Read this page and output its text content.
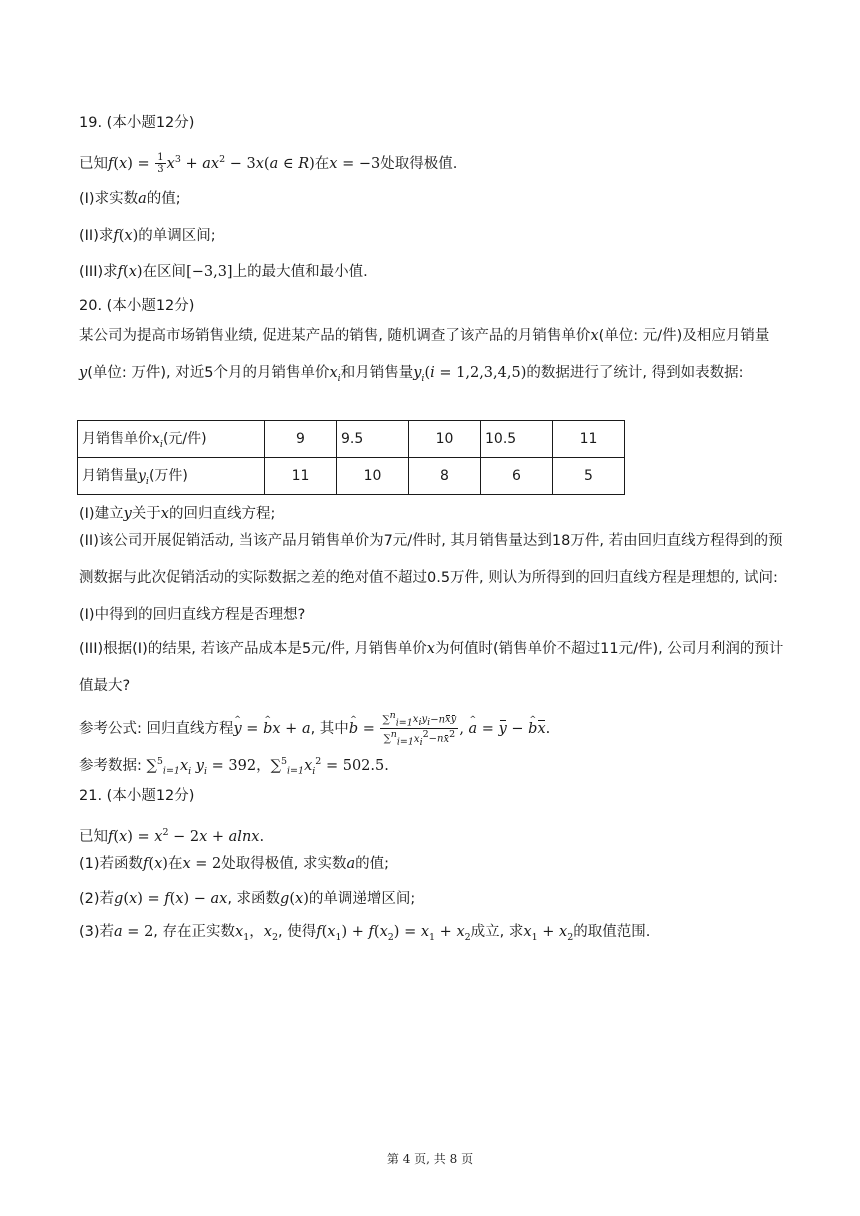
19. (本小题12分)
已知$f(x) = \frac{1}{3} x^3 + ax^2 - 3x(a$ ∈ R)在x = −3处取得极值.
(I)求实数a的值;
(II)求f(x)的单调区间;
(III)求f(x)在区间[−3,3]上的最大值和最小值.
20. (本小题12分)
某公司为提高市场销售业绩, 促进某产品的销售, 随机调查了该产品的月销售单价x(单位: 元/件)及相应月销量y(单位: 万件), 对近5个月的月销售单价$x_i$和月销售量$y_i(i = 1,2,3,4,5)$的数据进行了统计, 得到如表数据:
月销售单价$x_i$(元/件)	9	9.5	10	10.5	11
月销售量$y_i$(万件)	11	10	8	6	5
(I)建立y关于x的回归直线方程;
(II)该公司开展促销活动, 当该产品月销售单价为7元/件时, 其月销售量达到18万件, 若由回归直线方程得到的预测数据与此次促销活动的实际数据之差的绝对值不超过0.5万件, 则认为所得到的回归直线方程是理想的, 试问: (I)中得到的回归直线方程是否理想?
(III)根据(I)的结果, 若该产品成本是5元/件, 月销售单价x为何值时(销售单价不超过11元/件), 公司月利润的预计值最大?
参考公式: 回归直线方程^ y = ^ bx + a, 其中^ $b = \frac{\sum^n_{i=1}x_iy_i-nxy}{\sum^n_{i=1}x_i^2-nx^2}$ , ^ a = y − ^ bx.
参考数据: $\sum^5_{i=1}x_i$ $y_i = 392$，$\sum^5_{i=1}x_i^2 = 502.5$.
21. (本小题12分)
已知$f(x) = x^2 - 2x + alnx$.
(1)若函数f(x)在x = 2处取得极值, 求实数a的值;
(2)若g(x) = f(x) − ax, 求函数g(x)的单调递增区间;
(3)若a = 2, 存在正实数$x_1$，$x_2$, 使得$f(x_1) + f(x_2) = x_1 + x_2$成立, 求$x_1 + x_2$的取值范围.
第 4 页, 共 8 页
